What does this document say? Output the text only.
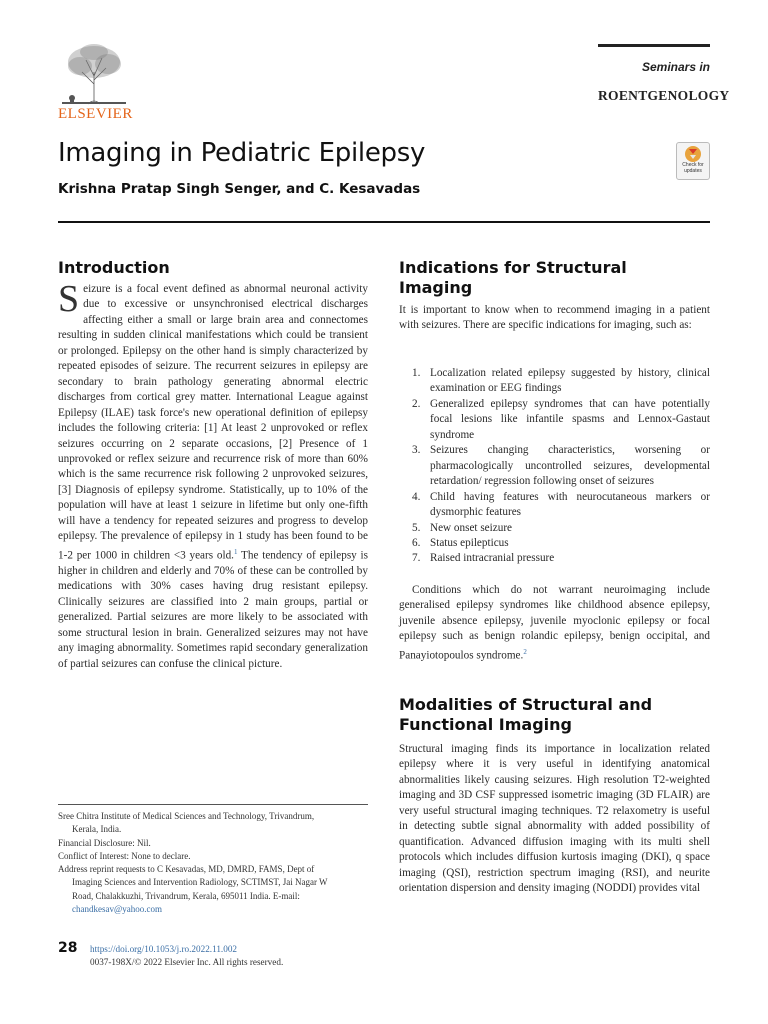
ELSEVIER
Seminars in
ROENTGENOLOGY
Imaging in Pediatric Epilepsy	Check for updates
Krishna Pratap Singh Senger, and C. Kesavadas
Introduction
Seizure is a focal event defined as abnormal neuronal activity due to excessive or unsynchronised electrical discharges affecting either a small or large brain area and connectomes resulting in sudden clinical manifestations which could be transient or prolonged. Epilepsy on the other hand is simply characterized by repeated episodes of seizure. The recurrent seizures in epilepsy are secondary to brain pathology generating abnormal electric discharges from cortical grey matter. International League against Epilepsy (ILAE) task force's new operational definition of epilepsy includes the following criteria: [1] At least 2 unprovoked or reflex seizures occurring on 2 separate occasions, [2] Presence of 1 unprovoked or reflex seizure and recurrence risk of more than 60% which is the same recurrence risk following 2 unprovoked seizures, [3] Diagnosis of epilepsy syndrome. Statistically, up to 10% of the population will have at least 1 seizure in lifetime but only one-fifth will have a tendency for repeated seizures and progress to develop epilepsy. The prevalence of epilepsy in 1 study has been found to be 1-2 per 1000 in children <3 years old.$^1$ The tendency of epilepsy is higher in children and elderly and 70% of these can be controlled by medications with 30% cases having drug resistant epilepsy. Clinically seizures are classified into 2 main groups, partial or generalized. Partial seizures are more likely to be associated with some structural lesion in brain. Generalized seizures may not have any imaging abnormality. Sometimes rapid secondary generalization of partial seizures can confuse the clinical picture.
Sree Chitra Institute of Medical Sciences and Technology, Trivandrum,
Kerala, India.
Financial Disclosure: Nil.
Conflict of Interest: None to declare.
Address reprint requests to C Kesavadas, MD, DMRD, FAMS, Dept of
Imaging Sciences and Intervention Radiology, SCTIMST, Jai Nagar W
Road, Chalakkuzhi, Trivandrum, Kerala, 695011 India. E-mail:
chandkesav@yahoo.com
28 https://doi.org/10.1053/j.ro.2022.11.002
0037-198X/© 2022 Elsevier Inc. All rights reserved.
Indications for Structural
Imaging
It is important to know when to recommend imaging in a patient with seizures. There are specific indications for imaging, such as:
1. Localization related epilepsy suggested by history, clinical examination or EEG findings
2. Generalized epilepsy syndromes that can have potentially focal lesions like infantile spasms and Lennox-Gastaut syndrome
3. Seizures changing characteristics, worsening or pharmacologically uncontrolled seizures, developmental retardation/ regression following onset of seizures
4. Child having features with neurocutaneous markers or dysmorphic features
5. New onset seizure
6. Status epilepticus
7. Raised intracranial pressure
Conditions which do not warrant neuroimaging include generalised epilepsy syndromes like childhood absence epilepsy, juvenile absence epilepsy, juvenile myoclonic epilepsy or focal epilepsy such as benign rolandic epilepsy, benign occipital, and Panayiotopoulos syndrome.$^2$
Modalities of Structural and
Functional Imaging
Structural imaging finds its importance in localization related epilepsy where it is very useful in identifying anatomical abnormalities likely causing seizures. High resolution T2-weighted imaging and 3D CSF suppressed isometric imaging (3D FLAIR) are very useful structural imaging techniques. T2 relaxometry is useful in detecting subtle signal abnormality with added possibility of quantification. Advanced diffusion imaging with its multi shell protocols which includes diffusion kurtosis imaging (DKI), q space imaging (QSI), restriction spectrum imaging (RSI), and neurite orientation dispersion and density imaging (NODDI) provides vital
